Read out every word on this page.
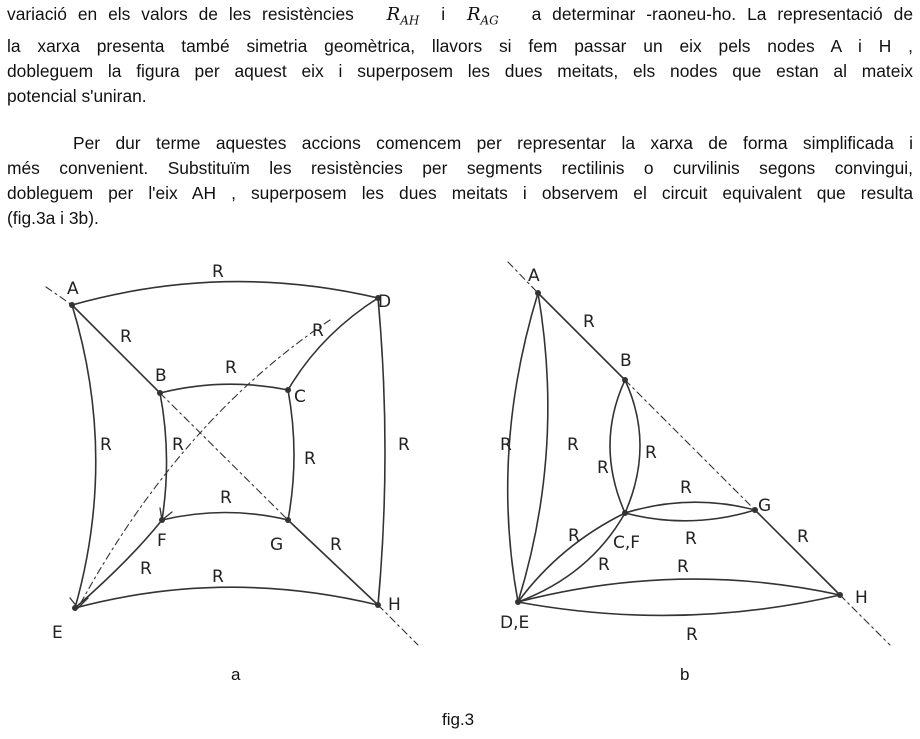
variació en els valors de les resistències $R_{AH}$ i $R_{AG}$ a determinar -raoneu-ho. La representació de
la xarxa presenta també simetria geomètrica, llavors si fem passar un eix pels nodes A i H ,
dobleguem la figura per aquest eix i superposem les dues meitats, els nodes que estan al mateix
potencial s'uniran.
Per dur terme aquestes accions comencem per representar la xarxa de forma simplificada i
més convenient. Substituïm les resistències per segments rectilinis o curvilinis segons convingui,
dobleguem per l'eix AH , superposem les dues meitats i observem el circuit equivalent que resulta
(fig.3a i 3b).
A
D
B
C
F	G
E
H
R
R	R
R
R	R
R
R
R
R
R	R
A
B
C,F
G
D,E
H
R
R	R	R
R
R
R
R	R
R	R
R
a	b
fig.3
